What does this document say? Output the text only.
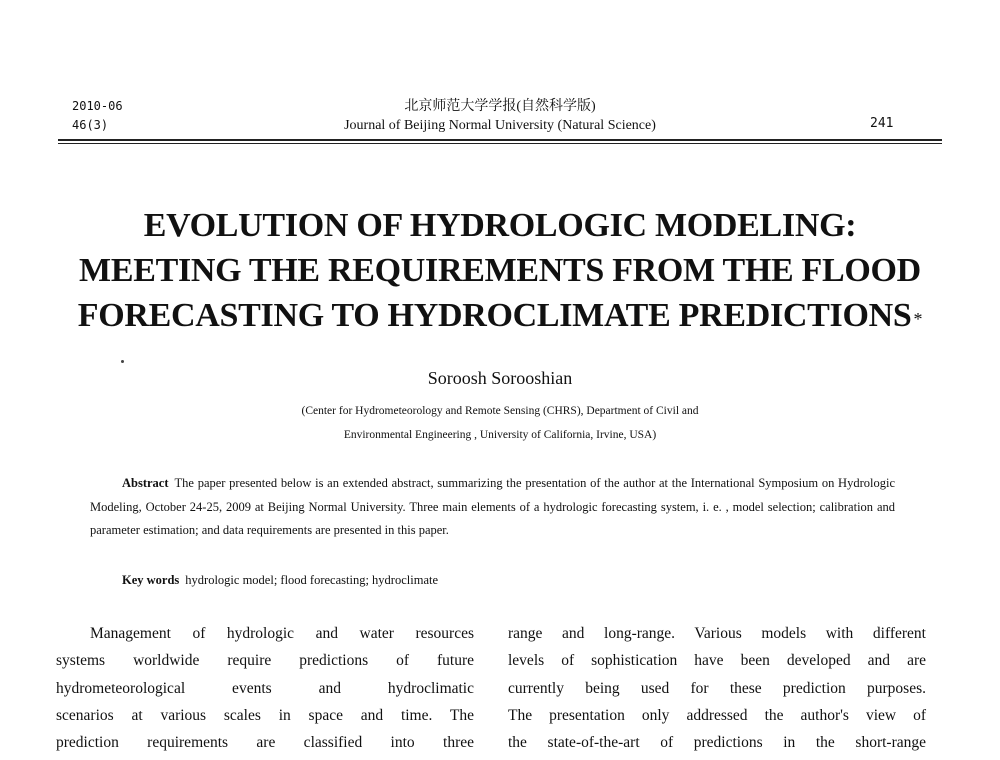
2010-06
46(3)
北京师范大学学报(自然科学版)
Journal of Beijing Normal University (Natural Science)	241
EVOLUTION OF HYDROLOGIC MODELING:
MEETING THE REQUIREMENTS FROM THE FLOOD
FORECASTING TO HYDROCLIMATE PREDICTIONS *
Soroosh Sorooshian
(Center for Hydrometeorology and Remote Sensing (CHRS), Department of Civil and
Environmental Engineering , University of California, Irvine, USA)
Abstract The paper presented below is an extended abstract, summarizing the presentation of the author at the International Symposium on Hydrologic Modeling, October 24-25, 2009 at Beijing Normal University. Three main elements of a hydrologic forecasting system, i. e. , model selection; calibration and parameter estimation; and data requirements are presented in this paper.
Key words hydrologic model; flood forecasting; hydroclimate
Management of hydrologic and water resources
systems worldwide require predictions of future
hydrometeorological events and hydroclimatic
scenarios at various scales in space and time. The
prediction requirements are classified into three
range and long-range. Various models with different
levels of sophistication have been developed and are
currently being used for these prediction purposes.
The presentation only addressed the author's view of
the state-of-the-art of predictions in the short-range
